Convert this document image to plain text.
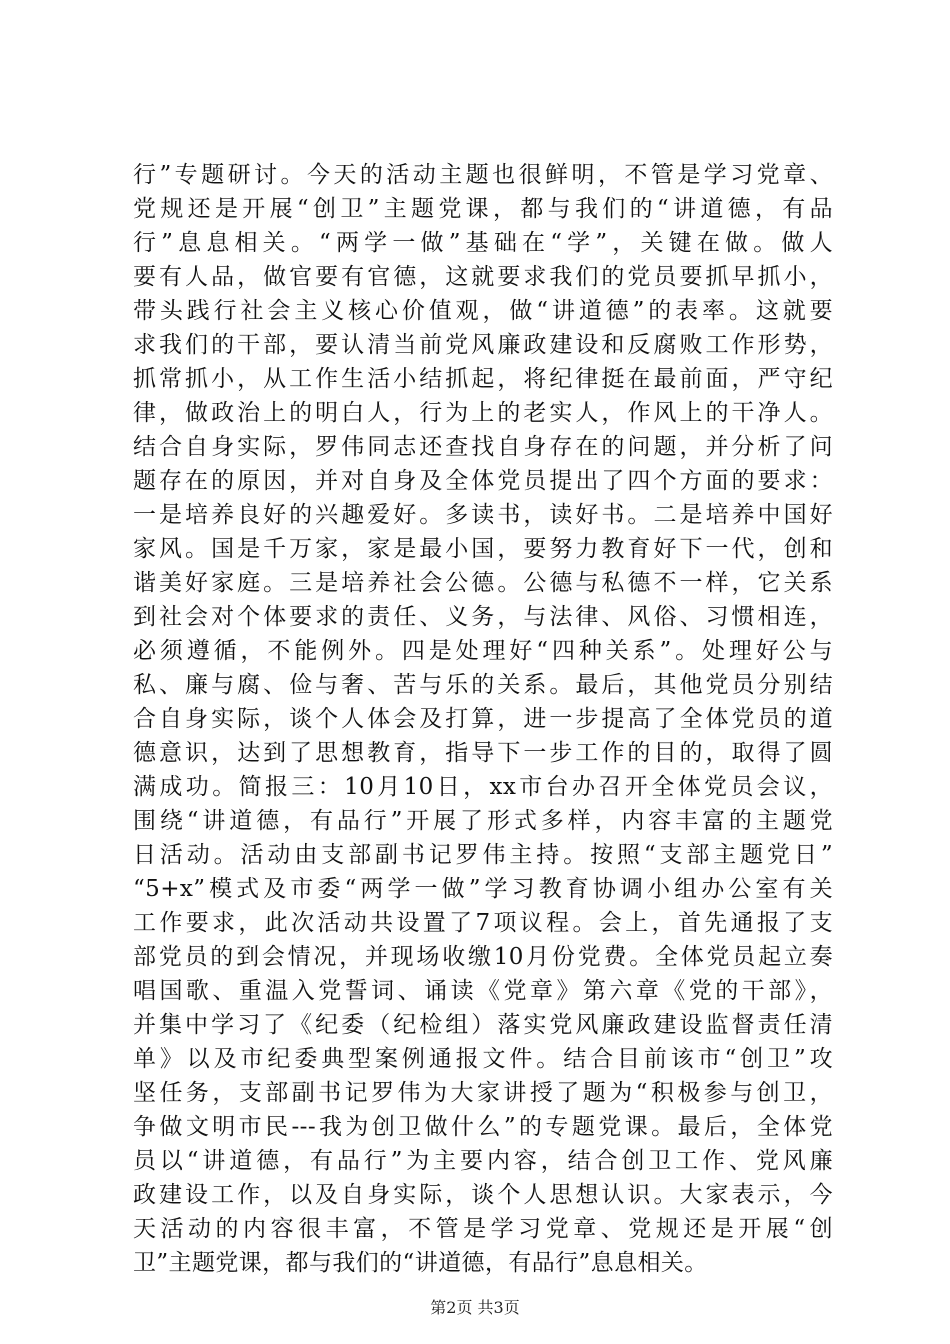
行”专题研讨。今天的活动主题也很鲜明，不管是学习党章、
党规还是开展“创卫”主题党课，都与我们的“讲道德，有品
行”息息相关。“两学一做”基础在“学”，关键在做。做人
要有人品，做官要有官德，这就要求我们的党员要抓早抓小，
带头践行社会主义核心价值观，做“讲道德”的表率。这就要
求我们的干部，要认清当前党风廉政建设和反腐败工作形势，
抓常抓小，从工作生活小结抓起，将纪律挺在最前面，严守纪
律，做政治上的明白人，行为上的老实人，作风上的干净人。
结合自身实际，罗伟同志还查找自身存在的问题，并分析了问
题存在的原因，并对自身及全体党员提出了四个方面的要求：
一是培养良好的兴趣爱好。多读书，读好书。二是培养中国好
家风。国是千万家，家是最小国，要努力教育好下一代，创和
谐美好家庭。三是培养社会公德。公德与私德不一样，它关系
到社会对个体要求的责任、义务，与法律、风俗、习惯相连，
必须遵循，不能例外。四是处理好“四种关系”。处理好公与
私、廉与腐、俭与奢、苦与乐的关系。最后，其他党员分别结
合自身实际，谈个人体会及打算，进一步提高了全体党员的道
德意识，达到了思想教育，指导下一步工作的目的，取得了圆
满成功。简报三：10月10日，xx市台办召开全体党员会议，
围绕“讲道德，有品行”开展了形式多样，内容丰富的主题党
日活动。活动由支部副书记罗伟主持。按照“支部主题党日”
“5+x”模式及市委“两学一做”学习教育协调小组办公室有关
工作要求，此次活动共设置了7项议程。会上，首先通报了支
部党员的到会情况，并现场收缴10月份党费。全体党员起立奏
唱国歌、重温入党誓词、诵读《党章》第六章《党的干部》，
并集中学习了《纪委（纪检组）落实党风廉政建设监督责任清
单》以及市纪委典型案例通报文件。结合目前该市“创卫”攻
坚任务，支部副书记罗伟为大家讲授了题为“积极参与创卫，
争做文明市民---我为创卫做什么”的专题党课。最后，全体党
员以“讲道德，有品行”为主要内容，结合创卫工作、党风廉
政建设工作，以及自身实际，谈个人思想认识。大家表示，今
天活动的内容很丰富，不管是学习党章、党规还是开展“创
卫”主题党课，都与我们的“讲道德，有品行”息息相关。
第2页 共3页
